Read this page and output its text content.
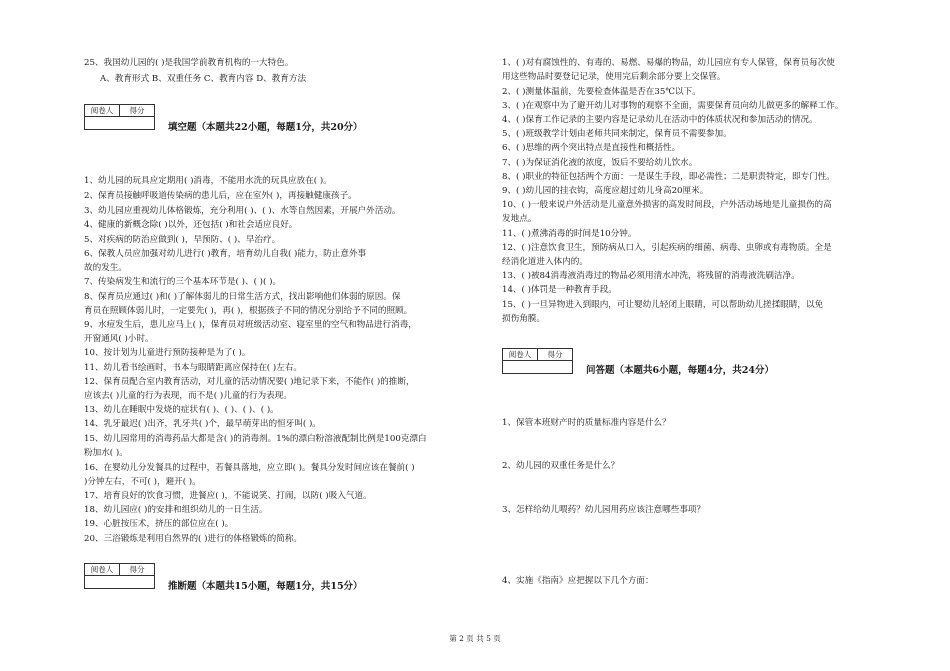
25、我国幼儿园的( )是我国学前教育机构的一大特色。
A、教育形式 B、双重任务 C、教育内容 D、教育方法
阅卷人	得分
填空题（本题共22小题，每题1分，共20分）
1、幼儿园的玩具应定期用( )消毒，不能用水洗的玩具应放在( )。
2、保育员接触呼吸道传染病的患儿后，应在室外( )，再接触健康孩子。
3、幼儿园应重视幼儿体格锻炼，充分利用( )、( )、水等自然因素，开展户外活动。
4、健康的新概念除( )以外，还包括( )和社会适应良好。
5、对疾病的防治应做到( )，早预防、( )、早治疗。
6、保教人员应加强对幼儿进行( )教育，培育幼儿自我( )能力，防止意外事
故的发生。
7、传染病发生和流行的三个基本环节是( )、( )( )。
8、保育员应通过( )和( )了解体弱儿的日常生活方式，找出影响他们体弱的原因。保
育员在照顾体弱儿时，一定要先( )，再( )，根据孩子不同的情况分别给予不同的照顾。
9、水痘发生后，患儿应马上( )，保育员对班级活动室、寝室里的空气和物品进行消毒，
开窗通风( )小时。
10、按计划为儿童进行预防接种是为了( )。
11、幼儿看书绘画时，书本与眼睛距离应保持在( )左右。
12、保育员配合室内教育活动，对儿童的活动情况要( )地记录下来，不能作( )的推断，
应该去( )儿童的行为表现，而不是( )儿童的行为表现。
13、幼儿在睡眠中发烧的症状有( )、( )、( )、( )。
14、乳牙最迟( )出齐，乳牙共( )个，最早萌芽出的恒牙叫( )。
15、幼儿园常用的消毒药品大都是含( )的消毒剂。1%的漂白粉溶液配制比例是100克漂白
粉加水( )。
16、在婴幼儿分发餐具的过程中，若餐具落地，应立即( )。餐具分发时间应该在餐前( )
)分钟左右，不可( )，避开( )。
17、培育良好的饮食习惯，进餐应( )，不能说笑、打闹，以防( )吸入气道。
18、幼儿园应( )的安排和组织幼儿的一日生活。
19、心脏按压术，挤压的部位应在( )。
20、三浴锻炼是利用自然界的( )进行的体格锻炼的简称。
阅卷人	得分
推断题（本题共15小题，每题1分，共15分）
1、( )对有腐蚀性的、有毒的、易燃、易爆的物品，幼儿园应有专人保管，保育员每次使
用这些物品时要登记记录，使用完后剩余部分要上交保管。
2、( )测量体温前，先要检查体温是否在35℃以下。
3、( )在观察中为了避开幼儿对事物的观察不全面，需要保育员向幼儿做更多的解释工作。
4、( )保育工作记录的主要内容是记录幼儿在活动中的体质状况和参加活动的情况。
5、( )班级教学计划由老师共同来制定，保育员不需要参加。
6、( )思维的两个突出特点是直接性和概括性。
7、( )为保证消化液的浓度，饭后不要给幼儿饮水。
8、( )职业的特征包括两个方面：一是谋生手段，即必需性；二是职责特定，即专门性。
9、( )幼儿园的挂衣钩，高度应超过幼儿身高20厘米。
10、( )一般来说户外活动是儿童意外损害的高发时间段，户外活动场地是儿童损伤的高
发地点。
11、( )煮沸消毒的时间是10分钟。
12、( )注意饮食卫生，预防病从口入，引起疾病的细菌、病毒、虫卵或有毒物质。全是
经消化道进入体内的。
13、( )被84消毒液消毒过的物品必须用清水冲洗，将残留的消毒液洗刷洁净。
14、( )体罚是一种教育手段。
15、( )一旦异物进入到眼内，可让婴幼儿轻闭上眼睛，可以帮助幼儿搓揉眼睛，以免
损伤角膜。
阅卷人	得分
问答题（本题共6小题，每题4分，共24分）
1、保管本班财产时的质量标准内容是什么？
2、幼儿园的双重任务是什么？
3、怎样给幼儿喂药？幼儿园用药应该注意哪些事项？
4、实施《指南》应把握以下几个方面：
第 2 页 共 5 页
